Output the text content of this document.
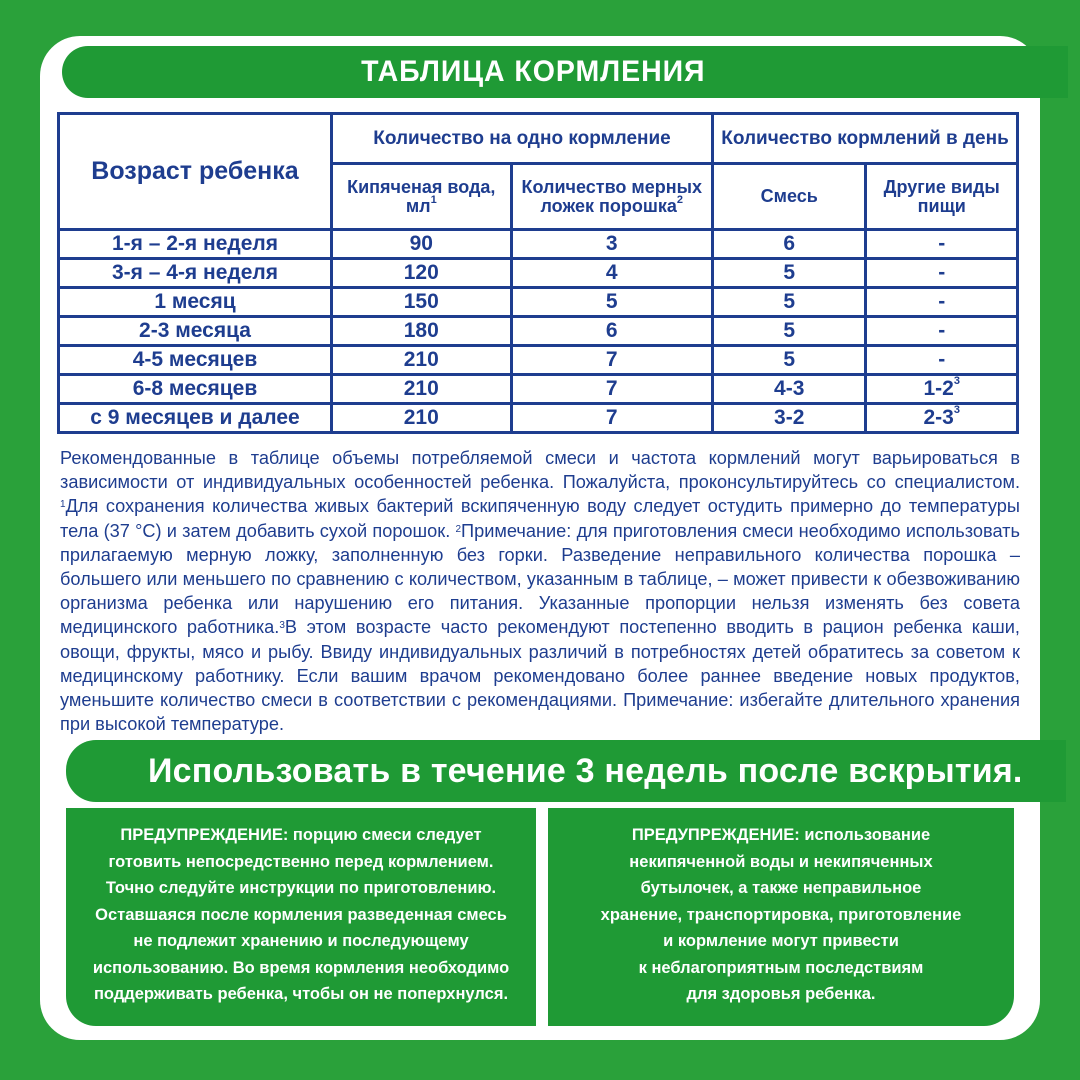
ТАБЛИЦА КОРМЛЕНИЯ
Возраст ребенка	Количество на одно кормление		Количество кормлений в день	
	Кипяченая вода, $мл^1$	Количество мерных ложек порошка$^2$	Смесь	Другие виды пищи
1-я – 2-я неделя	90	3	6	-
3-я – 4-я неделя	120	4	5	-
1 месяц	150	5	5	-
2-3 месяца	180	6	5	-
4-5 месяцев	210	7	5	-
6-8 месяцев	210	7	4-3	$1-2^3$
с 9 месяцев и далее	210	7	3-2	$2-3^3$
Рекомендованные в таблице объемы потребляемой смеси и частота кормлений могут варьироваться в зависимости от индивидуальных особенностей ребенка. Пожалуйста, проконсультируйтесь со специалистом. $^1$Для сохранения количества живых бактерий вскипяченную воду следует остудить примерно до температуры тела (37 °С) и затем добавить сухой порошок. $^2$Примечание: для приготовления смеси необходимо использовать прилагаемую мерную ложку, заполненную без горки. Разведение неправильного количества порошка – большего или меньшего по сравнению с количеством, указанным в таблице, – может привести к обезвоживанию организма ребенка или нарушению его питания. Указанные пропорции нельзя изменять без совета медицинского работника.$^3$В этом возрасте часто рекомендуют постепенно вводить в рацион ребенка каши, овощи, фрукты, мясо и рыбу. Ввиду индивидуальных различий в потребностях детей обратитесь за советом к медицинскому работнику. Если вашим врачом рекомендовано более раннее введение новых продуктов, уменьшите количество смеси в соответствии с рекомендациями. Примечание: избегайте длительного хранения при высокой температуре.
Использовать в течение 3 недель после вскрытия.
ПРЕДУПРЕЖДЕНИЕ: порцию смеси следует
готовить непосредственно перед кормлением.
Точно следуйте инструкции по приготовлению.
Оставшаяся после кормления разведенная смесь
не подлежит хранению и последующему
использованию. Во время кормления необходимо
поддерживать ребенка, чтобы он не поперхнулся.
ПРЕДУПРЕЖДЕНИЕ: использование
некипяченной воды и некипяченных
бутылочек, а также неправильное
хранение, транспортировка, приготовление
и кормление могут привести
к неблагоприятным последствиям
для здоровья ребенка.
